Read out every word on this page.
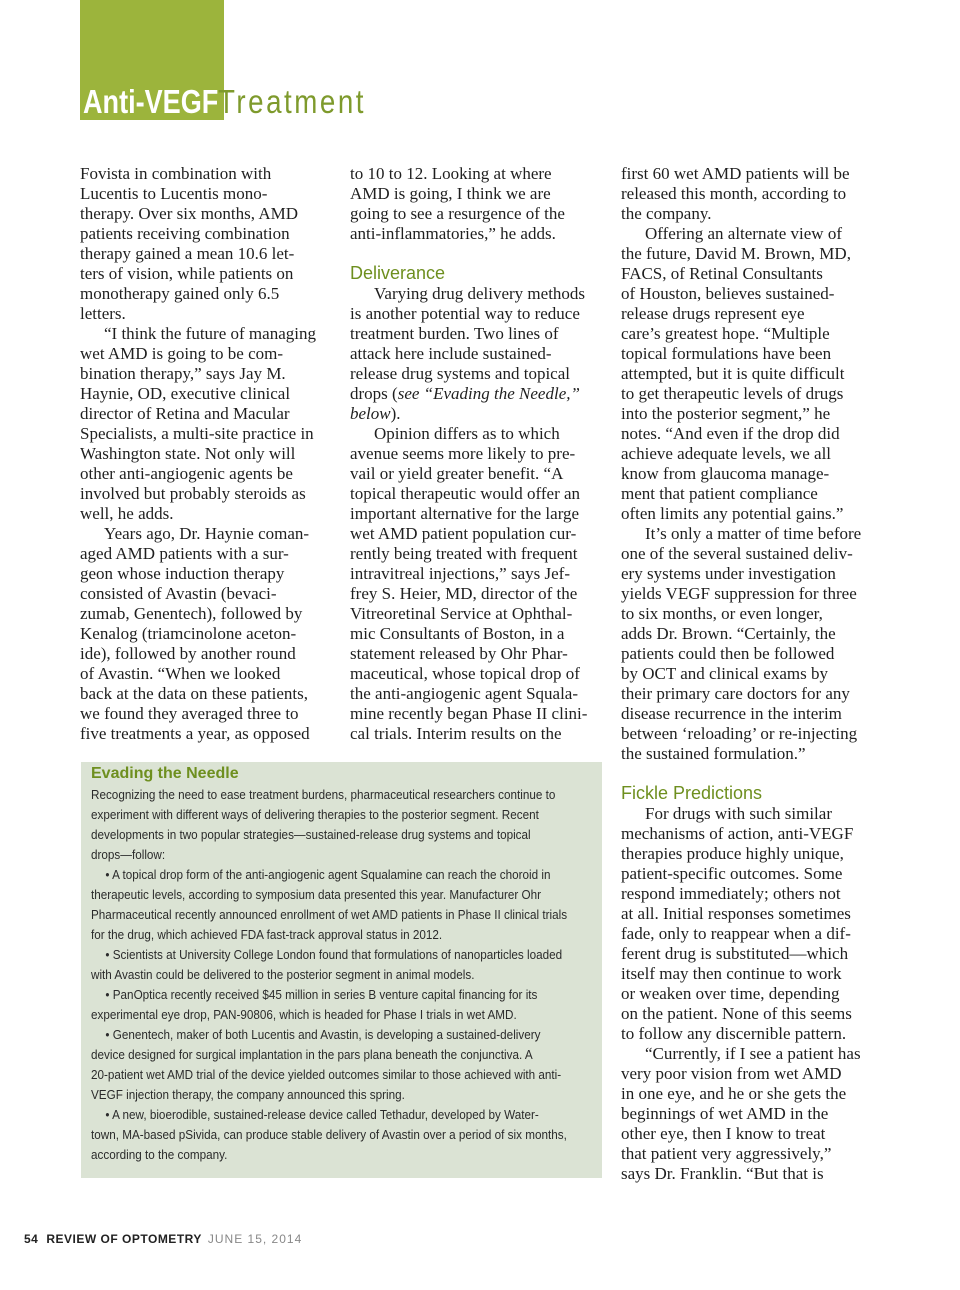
Anti-VEGFTreatment

Fovista in combination with

Lucentis to Lucentis mono-

therapy. Over six months, AMD

patients receiving combination

therapy gained a mean 10.6 let-

ters of vision, while patients on

monotherapy gained only 6.5

letters.

“I think the future of managing

wet AMD is going to be com-

bination therapy,” says Jay M.

Haynie, OD, executive clinical

director of Retina and Macular

Specialists, a multi-site practice in

Washington state. Not only will

other anti-angiogenic agents be

involved but probably steroids as

well, he adds.

Years ago, Dr. Haynie coman-

aged AMD patients with a sur-

geon whose induction therapy

consisted of Avastin (bevaci-

zumab, Genentech), followed by

Kenalog (triamcinolone aceton-

ide), followed by another round

of Avastin. “When we looked

back at the data on these patients,

we found they averaged three to

five treatments a year, as opposed

to 10 to 12. Looking at where

AMD is going, I think we are

going to see a resurgence of the

anti-inflammatories,” he adds.

Deliverance

Varying drug delivery methods

is another potential way to reduce

treatment burden. Two lines of

attack here include sustained-

release drug systems and topical

drops (see “Evading the Needle,”

below).

Opinion differs as to which

avenue seems more likely to pre-

vail or yield greater benefit. “A

topical therapeutic would offer an

important alternative for the large

wet AMD patient population cur-

rently being treated with frequent

intravitreal injections,” says Jef-

frey S. Heier, MD, director of the

Vitreoretinal Service at Ophthal-

mic Consultants of Boston, in a

statement released by Ohr Phar-

maceutical, whose topical drop of

the anti-angiogenic agent Squala-

mine recently began Phase II clini-

cal trials. Interim results on the

first 60 wet AMD patients will be

released this month, according to

the company.

Offering an alternate view of

the future, David M. Brown, MD,

FACS, of Retinal Consultants

of Houston, believes sustained-

release drugs represent eye

care’s greatest hope. “Multiple

topical formulations have been

attempted, but it is quite difficult

to get therapeutic levels of drugs

into the posterior segment,” he

notes. “And even if the drop did

achieve adequate levels, we all

know from glaucoma manage-

ment that patient compliance

often limits any potential gains.”

It’s only a matter of time before

one of the several sustained deliv-

ery systems under investigation

yields VEGF suppression for three

to six months, or even longer,

adds Dr. Brown. “Certainly, the

patients could then be followed

by OCT and clinical exams by

their primary care doctors for any

disease recurrence in the interim

between ‘reloading’ or re-injecting

the sustained formulation.”

Fickle Predictions

For drugs with such similar

mechanisms of action, anti-VEGF

therapies produce highly unique,

patient-specific outcomes. Some

respond immediately; others not

at all. Initial responses sometimes

fade, only to reappear when a dif-

ferent drug is substituted—which

itself may then continue to work

or weaken over time, depending

on the patient. None of this seems

to follow any discernible pattern.

“Currently, if I see a patient has

very poor vision from wet AMD

in one eye, and he or she gets the

beginnings of wet AMD in the

other eye, then I know to treat

that patient very aggressively,”

says Dr. Franklin. “But that is

Evading the Needle

Recognizing the need to ease treatment burdens, pharmaceutical researchers continue to

experiment with different ways of delivering therapies to the posterior segment. Recent

developments in two popular strategies—sustained-release drug systems and topical

drops—follow:

• A topical drop form of the anti-angiogenic agent Squalamine can reach the choroid in

therapeutic levels, according to symposium data presented this year. Manufacturer Ohr

Pharmaceutical recently announced enrollment of wet AMD patients in Phase II clinical trials

for the drug, which achieved FDA fast-track approval status in 2012.

• Scientists at University College London found that formulations of nanoparticles loaded

with Avastin could be delivered to the posterior segment in animal models.

• PanOptica recently received $45 million in series B venture capital financing for its

experimental eye drop, PAN-90806, which is headed for Phase I trials in wet AMD.

• Genentech, maker of both Lucentis and Avastin, is developing a sustained-delivery

device designed for surgical implantation in the pars plana beneath the conjunctiva. A

20-patient wet AMD trial of the device yielded outcomes similar to those achieved with anti-

VEGF injection therapy, the company announced this spring.

• A new, bioerodible, sustained-release device called Tethadur, developed by Water-

town, MA-based pSivida, can produce stable delivery of Avastin over a period of six months,

according to the company.

54 REVIEW OF OPTOMETRY JUNE 15, 2014
